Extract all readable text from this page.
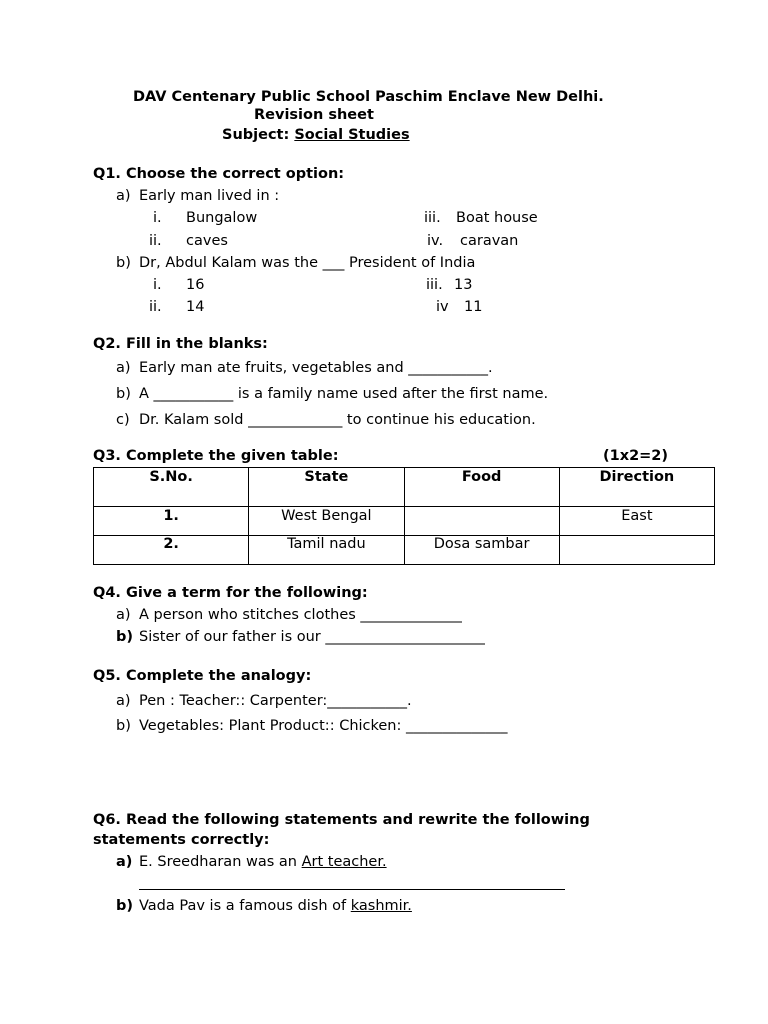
DAV Centenary Public School Paschim Enclave New Delhi.
Revision sheet
Subject: Social Studies
Q1. Choose the correct option:
a) Early man lived in :
i. Bungalow	iii. Boat house
ii. caves	iv. caravan
b) Dr, Abdul Kalam was the ___ President of India
i. 16	iii. 13
ii. 14	iv 11
Q2. Fill in the blanks:
a) Early man ate fruits, vegetables and ___________.
b) A ___________ is a family name used after the first name.
c) Dr. Kalam sold _____________ to continue his education.
Q3. Complete the given table:	(1x2=2)
S.No.	State	Food	Direction
1.	West Bengal		East
2.	Tamil nadu	Dosa sambar	
Q4. Give a term for the following:
a) A person who stitches clothes ______________
b) Sister of our father is our ______________________
Q5. Complete the analogy:
a) Pen : Teacher:: Carpenter:___________.
b) Vegetables: Plant Product:: Chicken: ______________
Q6. Read the following statements and rewrite the following
statements correctly:
a) E. Sreedharan was an Art teacher.
b) Vada Pav is a famous dish of kashmir.
